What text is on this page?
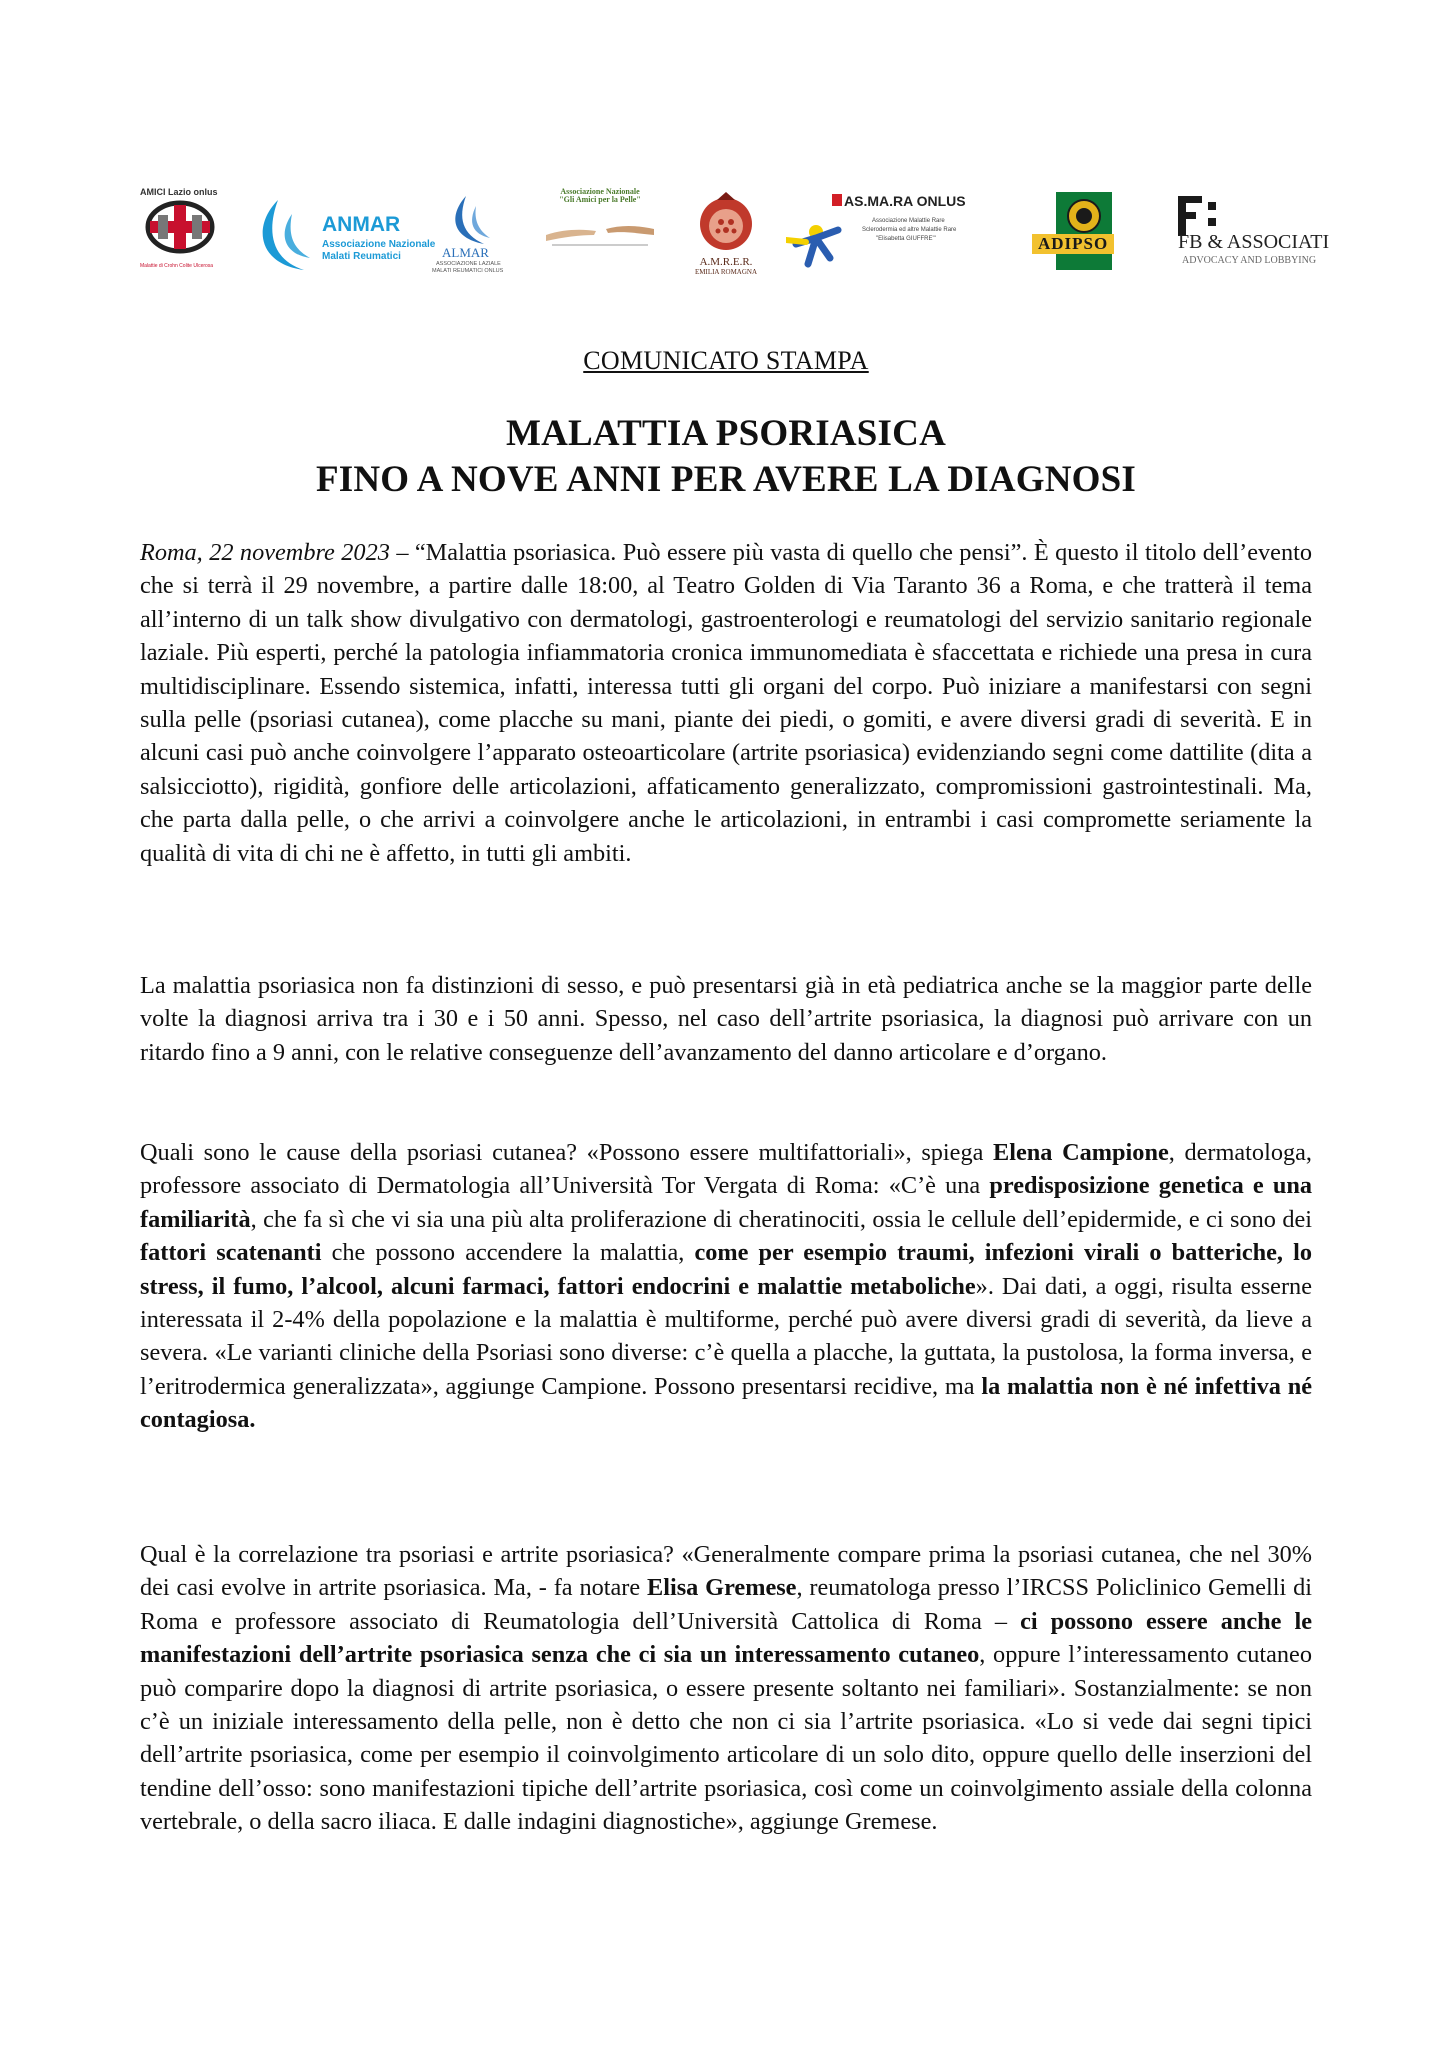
AMICI Lazio onlus
Malattie di Crohn Colite Ulcerosa
ANMAR
Associazione Nazionale
Malati Reumatici	ALMAR
ASSOCIAZIONE LAZIALE
MALATI REUMATICI ONLUS
Associazione Nazionale
"Gli Amici per la Pelle"
A.M.R.E.R.
EMILIA ROMAGNA
AS.MA.RA ONLUS
Associazione Malattie Rare
Sclerodermia ed altre Malattie Rare
"Elisabetta GIUFFRE'"	ADIPSO	FB & ASSOCIATI
ADVOCACY AND LOBBYING
COMUNICATO STAMPA
MALATTIA PSORIASICA
FINO A NOVE ANNI PER AVERE LA DIAGNOSI

Roma, 22 novembre 2023 – “Malattia psoriasica. Può essere più vasta di quello che pensi”. È questo il titolo dell’evento che si terrà il 29 novembre, a partire dalle 18:00, al Teatro Golden di Via Taranto 36 a Roma, e che tratterà il tema all’interno di un talk show divulgativo con dermatologi, gastroenterologi e reumatologi del servizio sanitario regionale laziale. Più esperti, perché la patologia infiammatoria cronica immunomediata è sfaccettata e richiede una presa in cura multidisciplinare. Essendo sistemica, infatti, interessa tutti gli organi del corpo. Può iniziare a manifestarsi con segni sulla pelle (psoriasi cutanea), come placche su mani, piante dei piedi, o gomiti, e avere diversi gradi di severità. E in alcuni casi può anche coinvolgere l’apparato osteoarticolare (artrite psoriasica) evidenziando segni come dattilite (dita a salsicciotto), rigidità, gonfiore delle articolazioni, affaticamento generalizzato, compromissioni gastrointestinali. Ma, che parta dalla pelle, o che arrivi a coinvolgere anche le articolazioni, in entrambi i casi compromette seriamente la qualità di vita di chi ne è affetto, in tutti gli ambiti.

La malattia psoriasica non fa distinzioni di sesso, e può presentarsi già in età pediatrica anche se la maggior parte delle volte la diagnosi arriva tra i 30 e i 50 anni. Spesso, nel caso dell’artrite psoriasica, la diagnosi può arrivare con un ritardo fino a 9 anni, con le relative conseguenze dell’avanzamento del danno articolare e d’organo.

Quali sono le cause della psoriasi cutanea? «Possono essere multifattoriali», spiega Elena Campione, dermatologa, professore associato di Dermatologia all’Università Tor Vergata di Roma: «C’è una predisposizione genetica e una familiarità, che fa sì che vi sia una più alta proliferazione di cheratinociti, ossia le cellule dell’epidermide, e ci sono dei fattori scatenanti che possono accendere la malattia, come per esempio traumi, infezioni virali o batteriche, lo stress, il fumo, l’alcool, alcuni farmaci, fattori endocrini e malattie metaboliche». Dai dati, a oggi, risulta esserne interessata il 2-4% della popolazione e la malattia è multiforme, perché può avere diversi gradi di severità, da lieve a severa. «Le varianti cliniche della Psoriasi sono diverse: c’è quella a placche, la guttata, la pustolosa, la forma inversa, e l’eritrodermica generalizzata», aggiunge Campione. Possono presentarsi recidive, ma la malattia non è né infettiva né contagiosa.

Qual è la correlazione tra psoriasi e artrite psoriasica? «Generalmente compare prima la psoriasi cutanea, che nel 30% dei casi evolve in artrite psoriasica. Ma, - fa notare Elisa Gremese, reumatologa presso l’IRCSS Policlinico Gemelli di Roma e professore associato di Reumatologia dell’Università Cattolica di Roma – ci possono essere anche le manifestazioni dell’artrite psoriasica senza che ci sia un interessamento cutaneo, oppure l’interessamento cutaneo può comparire dopo la diagnosi di artrite psoriasica, o essere presente soltanto nei familiari». Sostanzialmente: se non c’è un iniziale interessamento della pelle, non è detto che non ci sia l’artrite psoriasica. «Lo si vede dai segni tipici dell’artrite psoriasica, come per esempio il coinvolgimento articolare di un solo dito, oppure quello delle inserzioni del tendine dell’osso: sono manifestazioni tipiche dell’artrite psoriasica, così come un coinvolgimento assiale della colonna vertebrale, o della sacro iliaca. E dalle indagini diagnostiche», aggiunge Gremese.
